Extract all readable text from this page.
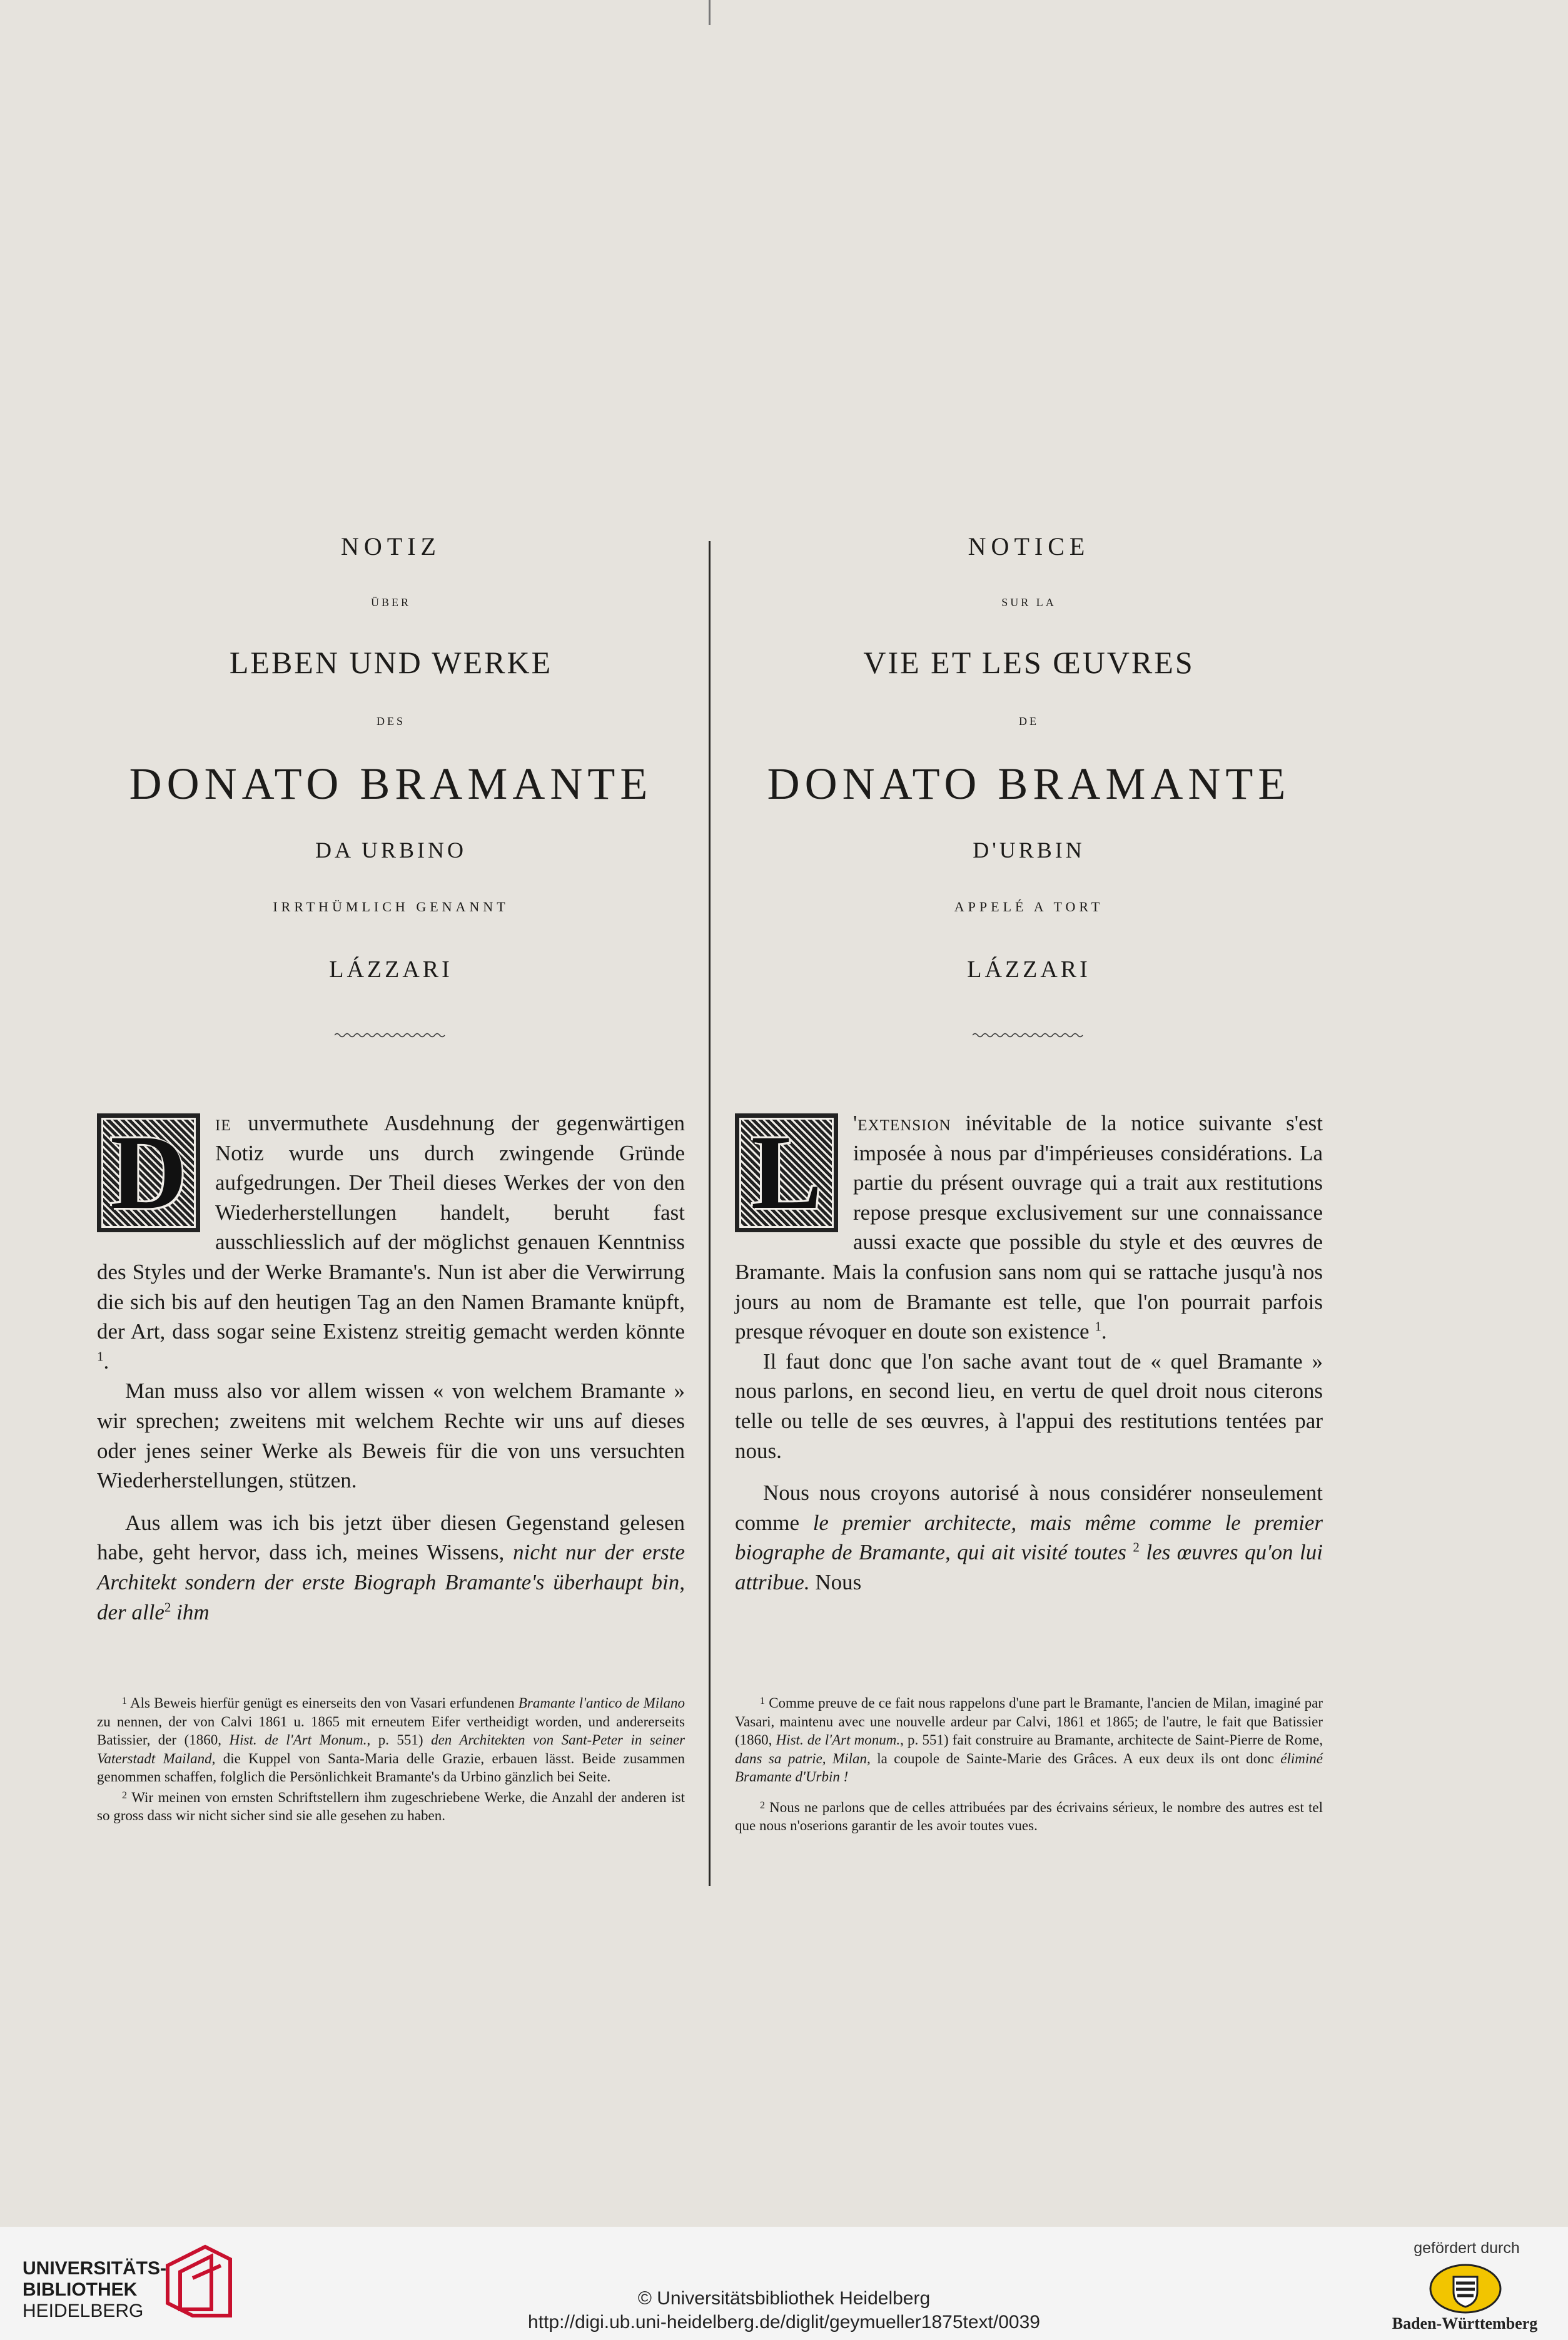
NOTIZ
ÜBER
LEBEN UND WERKE
DES
DONATO BRAMANTE
DA URBINO
IRRTHÜMLICH GENANNT
LÁZZARI

D	ie unvermuthete Ausdehnung der gegenwärtigen Notiz wurde uns durch zwingende Gründe aufgedrungen. Der Theil dieses Werkes der von den Wiederherstellungen handelt, beruht fast ausschliesslich auf der möglichst genauen Kenntniss des Styles und der Werke Bramante's. Nun ist aber die Verwirrung die sich bis auf den heutigen Tag an den Namen Bramante knüpft, der Art, dass sogar seine Existenz streitig gemacht werden könnte $^1$.

Man muss also vor allem wissen « von welchem Bramante » wir sprechen; zweitens mit welchem Rechte wir uns auf dieses oder jenes seiner Werke als Beweis für die von uns versuchten Wiederherstellungen, stützen.

Aus allem was ich bis jetzt über diesen Gegenstand gelesen habe, geht hervor, dass ich, meines Wissens, nicht nur der erste Architekt sondern der erste Biograph Bramante's überhaupt bin, der alle$^2$ ihm

$^1$ Als Beweis hierfür genügt es einerseits den von Vasari erfundenen Bramante l'antico de Milano zu nennen, der von Calvi 1861 u. 1865 mit erneutem Eifer vertheidigt worden, und andererseits Batissier, der (1860, Hist. de l'Art Monum., p. 551) den Architekten von Sant-Peter in seiner Vaterstadt Mailand, die Kuppel von Santa-Maria delle Grazie, erbauen lässt. Beide zusammen genommen schaffen, folglich die Persönlichkeit Bramante's da Urbino gänzlich bei Seite.

$^2$ Wir meinen von ernsten Schriftstellern ihm zugeschriebene Werke, die Anzahl der anderen ist so gross dass wir nicht sicher sind sie alle gesehen zu haben.

NOTICE
SUR LA
VIE ET LES ŒUVRES
DE
DONATO BRAMANTE
D'URBIN
APPELÉ A TORT
LÁZZARI

L	'extension inévitable de la notice suivante s'est imposée à nous par d'impérieuses considérations. La partie du présent ouvrage qui a trait aux restitutions repose presque exclusivement sur une connaissance aussi exacte que possible du style et des œuvres de Bramante. Mais la confusion sans nom qui se rattache jusqu'à nos jours au nom de Bramante est telle, que l'on pourrait parfois presque révoquer en doute son existence $^1$.

Il faut donc que l'on sache avant tout de « quel Bramante » nous parlons, en second lieu, en vertu de quel droit nous citerons telle ou telle de ses œuvres, à l'appui des restitutions tentées par nous.

Nous nous croyons autorisé à nous considérer nonseulement comme le premier architecte, mais même comme le premier biographe de Bramante, qui ait visité toutes $^2$ les œuvres qu'on lui attribue. Nous

$^1$ Comme preuve de ce fait nous rappelons d'une part le Bramante, l'ancien de Milan, imaginé par Vasari, maintenu avec une nouvelle ardeur par Calvi, 1861 et 1865; de l'autre, le fait que Batissier (1860, Hist. de l'Art monum., p. 551) fait construire au Bramante, architecte de Saint-Pierre de Rome, dans sa patrie, Milan, la coupole de Sainte-Marie des Grâces. A eux deux ils ont donc éliminé Bramante d'Urbin !

$^2$ Nous ne parlons que de celles attribuées par des écrivains sérieux, le nombre des autres est tel que nous n'oserions garantir de les avoir toutes vues.

UNIVERSITÄTS-
BIBLIOTHEK
HEIDELBERG
© Universitätsbibliothek Heidelberg
http://digi.ub.uni-heidelberg.de/diglit/geymueller1875text/0039
gefördert durch
Baden-Württemberg
